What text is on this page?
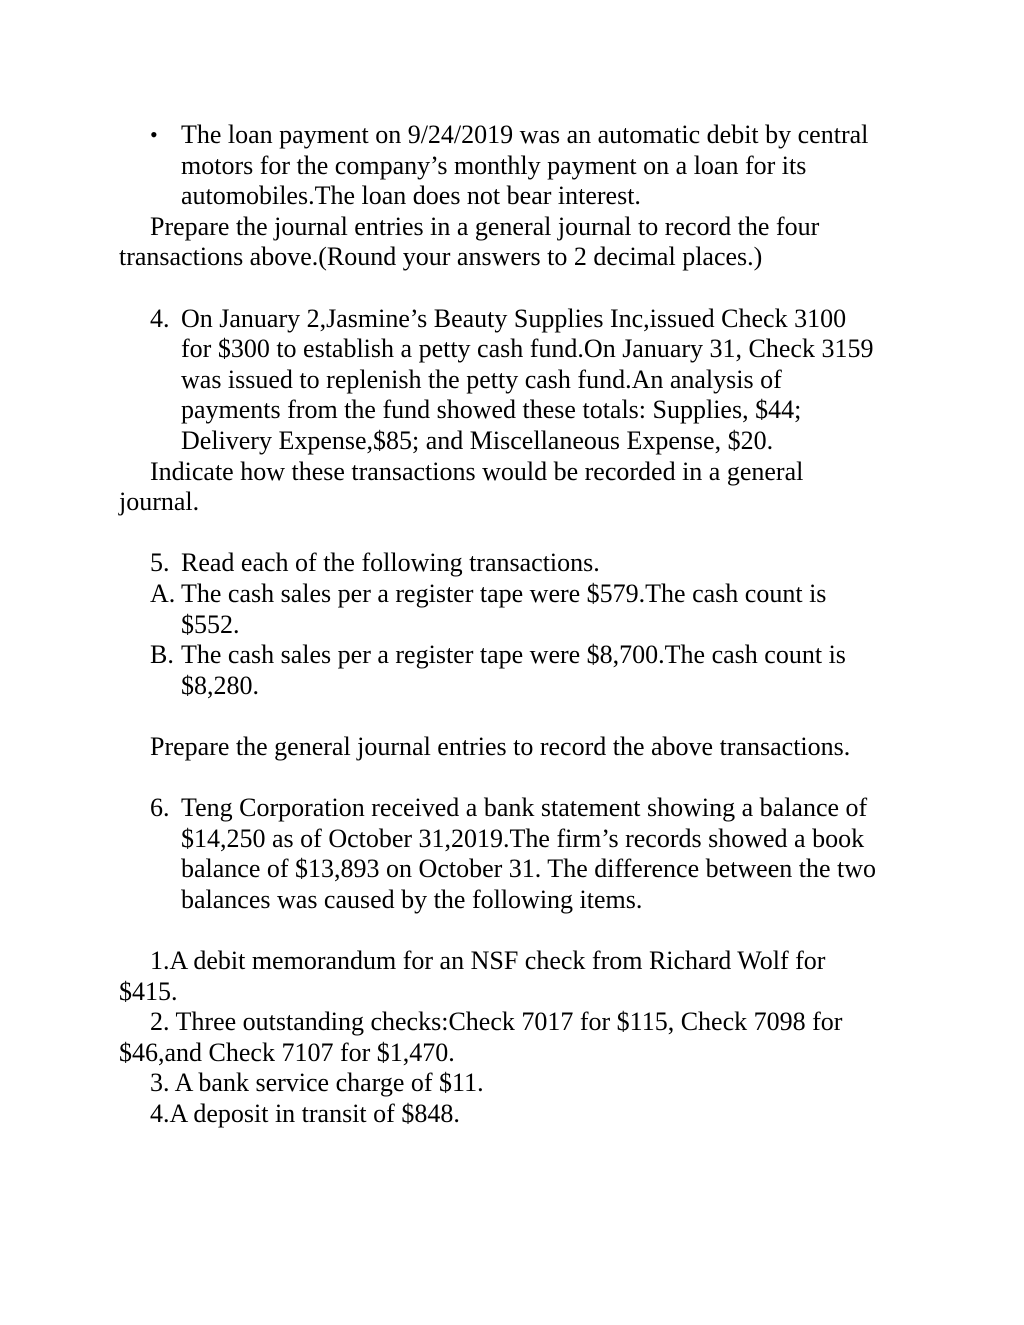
• The loan payment on 9/24/2019 was an automatic debit by central
motors for the company’s monthly payment on a loan for its
automobiles.The loan does not bear interest.
Prepare the journal entries in a general journal to record the four
transactions above.(Round your answers to 2 decimal places.)
4. On January 2,Jasmine’s Beauty Supplies Inc,issued Check 3100
for $300 to establish a petty cash fund.On January 31, Check 3159
was issued to replenish the petty cash fund.An analysis of
payments from the fund showed these totals: Supplies, $44;
Delivery Expense,$85; and Miscellaneous Expense, $20.
Indicate how these transactions would be recorded in a general
journal.
5. Read each of the following transactions.
A. The cash sales per a register tape were $579.The cash count is
$552.
B. The cash sales per a register tape were $8,700.The cash count is
$8,280.
Prepare the general journal entries to record the above transactions.
6. Teng Corporation received a bank statement showing a balance of
$14,250 as of October 31,2019.The firm’s records showed a book
balance of $13,893 on October 31. The difference between the two
balances was caused by the following items.
1.A debit memorandum for an NSF check from Richard Wolf for
$415.
2. Three outstanding checks:Check 7017 for $115, Check 7098 for
$46,and Check 7107 for $1,470.
3. A bank service charge of $11.
4.A deposit in transit of $848.
